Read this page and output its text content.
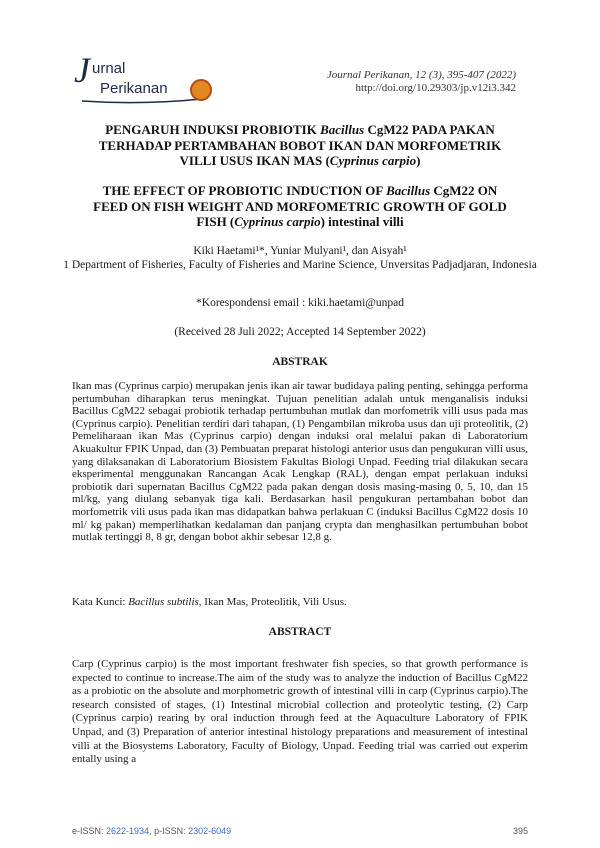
J urnal
Perikanan
Journal Perikanan, 12 (3), 395-407 (2022)
http://doi.org/10.29303/jp.v12i3.342
PENGARUH INDUKSI PROBIOTIK Bacillus CgM22 PADA PAKAN
TERHADAP PERTAMBAHAN BOBOT IKAN DAN MORFOMETRIK
VILLI USUS IKAN MAS (Cyprinus carpio)
THE EFFECT OF PROBIOTIC INDUCTION OF Bacillus CgM22 ON
FEED ON FISH WEIGHT AND MORFOMETRIC GROWTH OF GOLD
FISH (Cyprinus carpio) intestinal villi
Kiki Haetami¹*, Yuniar Mulyani¹, dan Aisyah¹
1 Department of Fisheries, Faculty of Fisheries and Marine Science, Unversitas Padjadjaran, Indonesia
*Korespondensi email : kiki.haetami@unpad
(Received 28 Juli 2022; Accepted 14 September 2022)
ABSTRAK
Ikan mas (Cyprinus carpio) merupakan jenis ikan air tawar budidaya paling penting, sehingga performa pertumbuhan diharapkan terus meningkat. Tujuan penelitian adalah untuk menganalisis induksi Bacillus CgM22 sebagai probiotik terhadap pertumbuhan mutlak dan morfometrik villi usus pada mas (Cyprinus carpio). Penelitian terdiri dari tahapan, (1) Pengambilan mikroba usus dan uji proteolitik, (2) Pemeliharaan ikan Mas (Cyprinus carpio) dengan induksi oral melalui pakan di Laboratorium Akuakultur FPIK Unpad, dan (3) Pembuatan preparat histologi anterior usus dan pengukuran villi usus, yang dilaksanakan di Laboratorium Biosistem Fakultas Biologi Unpad. Feeding trial dilakukan secara eksperimental menggunakan Rancangan Acak Lengkap (RAL), dengan empat perlakuan induksi probiotik dari supernatan Bacillus CgM22 pada pakan dengan dosis masing-masing 0, 5, 10, dan 15 ml/kg, yang diulang sebanyak tiga kali. Berdasarkan hasil pengukuran pertambahan bobot dan morfometrik vili usus pada ikan mas didapatkan bahwa perlakuan C (induksi Bacillus CgM22 dosis 10 ml/ kg pakan) memperlihatkan kedalaman dan panjang crypta dan menghasilkan pertumbuhan bobot mutlak tertinggi 8, 8 gr, dengan bobot akhir sebesar 12,8 g.
Kata Kunci: Bacillus subtilis, Ikan Mas, Proteolitik, Vili Usus.
ABSTRACT
Carp (Cyprinus carpio) is the most important freshwater fish species, so that growth performance is expected to continue to increase.The aim of the study was to analyze the induction of Bacillus CgM22 as a probiotic on the absolute and morphometric growth of intestinal villi in carp (Cyprinus carpio).The research consisted of stages, (1) Intestinal microbial collection and proteolytic testing, (2) Carp (Cyprinus carpio) rearing by oral induction through feed at the Aquaculture Laboratory of FPIK Unpad, and (3) Preparation of anterior intestinal histology preparations and measurement of intestinal villi at the Biosystems Laboratory, Faculty of Biology, Unpad. Feeding trial was carried out experim entally using a
e-ISSN: 2622-1934, p-ISSN: 2302-6049	395
